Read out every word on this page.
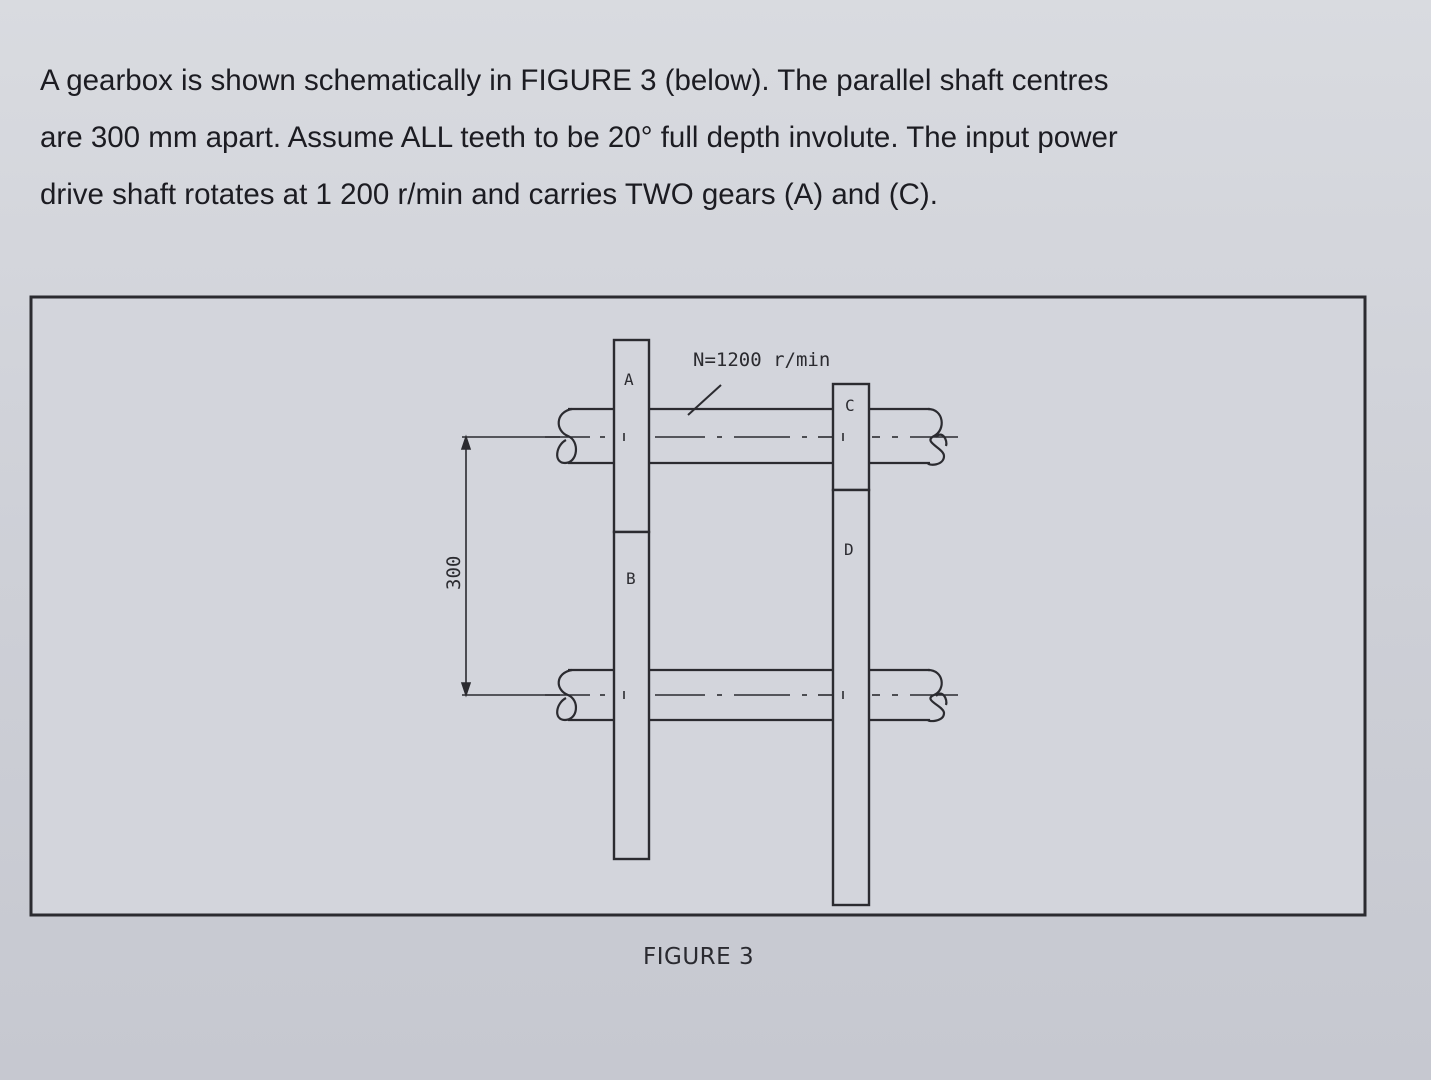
A gearbox is shown schematically in FIGURE 3 (below). The parallel shaft centres
are 300 mm apart. Assume ALL teeth to be 20° full depth involute. The input power
drive shaft rotates at 1 200 r/min and carries TWO gears (A) and (C).
300
A
B
C
D
N=1200 r/min
FIGURE 3
